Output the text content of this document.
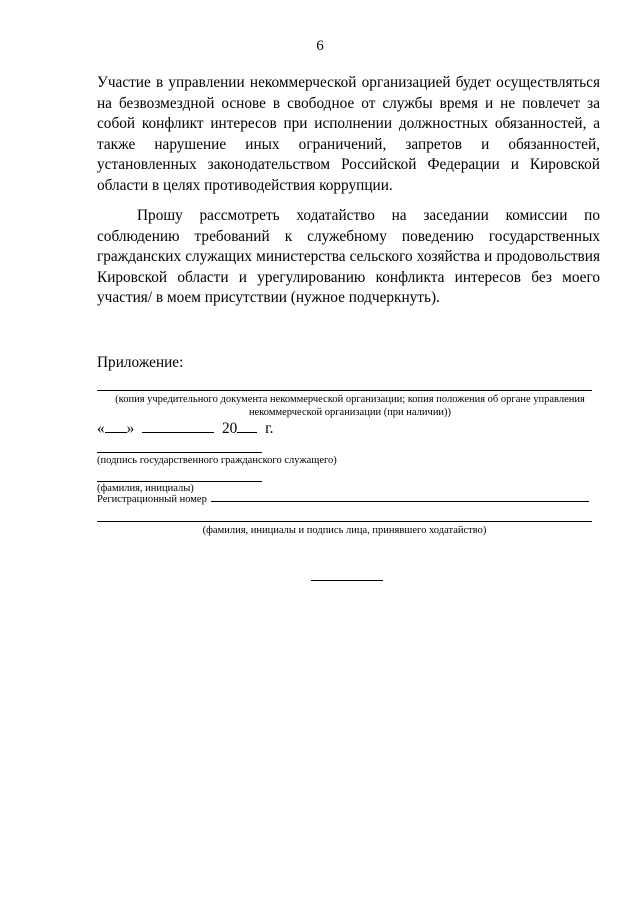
6

Участие в управлении некоммерческой организацией будет осуществляться на безвозмездной основе в свободное от службы время и не повлечет за собой конфликт интересов при исполнении должностных обязанностей, а также нарушение иных ограничений, запретов и обязанностей, установленных законодательством Российской Федерации и Кировской области в целях противодействия коррупции.

Прошу рассмотреть ходатайство на заседании комиссии по соблюдению требований к служебному поведению государственных гражданских служащих министерства сельского хозяйства и продовольствия Кировской области и урегулированию конфликта интересов без моего участия/ в моем присутствии (нужное подчеркнуть).

Приложение:
(копия учредительного документа некоммерческой организации; копия положения об органе управления некоммерческой организации (при наличии))
« »	20 г.
(подпись государственного гражданского служащего)
(фамилия, инициалы)
Регистрационный номер
(фамилия, инициалы и подпись лица, принявшего ходатайство)
